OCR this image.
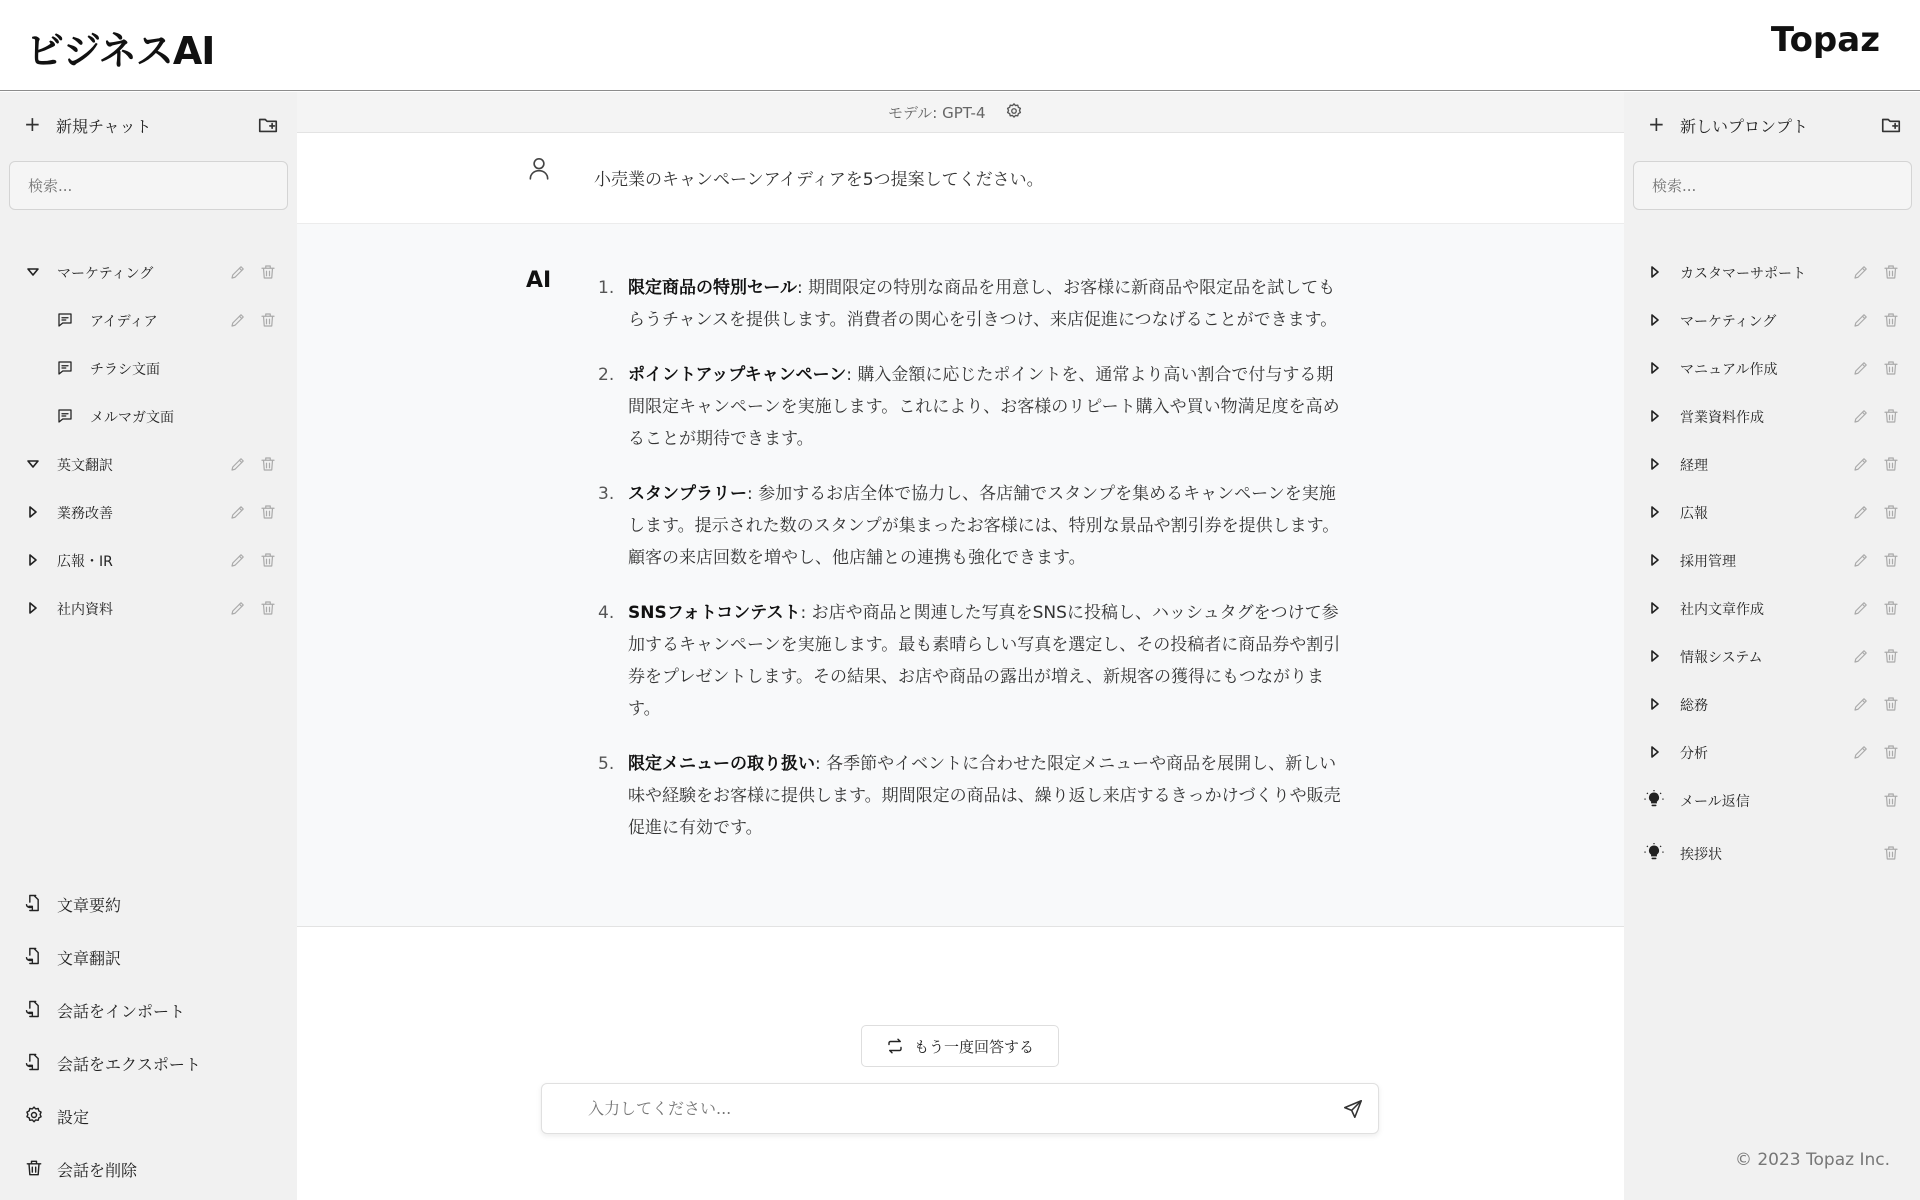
ビジネスAI	Topaz
+ 新規チャット
検索...
マーケティング
アイディア
チラシ文面
メルマガ文面
英文翻訳
業務改善
広報・IR
社内資料
文章要約
文章翻訳
会話をインポート
会話をエクスポート
設定
会話を削除
モデル: GPT-4
小売業のキャンペーンアイディアを5つ提案してください。
AI	1. 限定商品の特別セール: 期間限定の特別な商品を用意し、お客様に新商品や限定品を試してもらうチャンスを提供します。消費者の関心を引きつけ、来店促進につなげることができます。
2. ポイントアップキャンペーン: 購入金額に応じたポイントを、通常より高い割合で付与する期間限定キャンペーンを実施します。これにより、お客様のリピート購入や買い物満足度を高めることが期待できます。
3. スタンプラリー: 参加するお店全体で協力し、各店舗でスタンプを集めるキャンペーンを実施します。提示された数のスタンプが集まったお客様には、特別な景品や割引券を提供します。顧客の来店回数を増やし、他店舗との連携も強化できます。
4. SNSフォトコンテスト: お店や商品と関連した写真をSNSに投稿し、ハッシュタグをつけて参加するキャンペーンを実施します。最も素晴らしい写真を選定し、その投稿者に商品券や割引券をプレゼントします。その結果、お店や商品の露出が増え、新規客の獲得にもつながります。
5. 限定メニューの取り扱い: 各季節やイベントに合わせた限定メニューや商品を展開し、新しい味や経験をお客様に提供します。期間限定の商品は、繰り返し来店するきっかけづくりや販売促進に有効です。
もう一度回答する
入力してください...
+ 新しいプロンプト
検索...
カスタマーサポート
マーケティング
マニュアル作成
営業資料作成
経理
広報
採用管理
社内文章作成
情報システム
総務
分析
メール返信
挨拶状
© 2023 Topaz Inc.
